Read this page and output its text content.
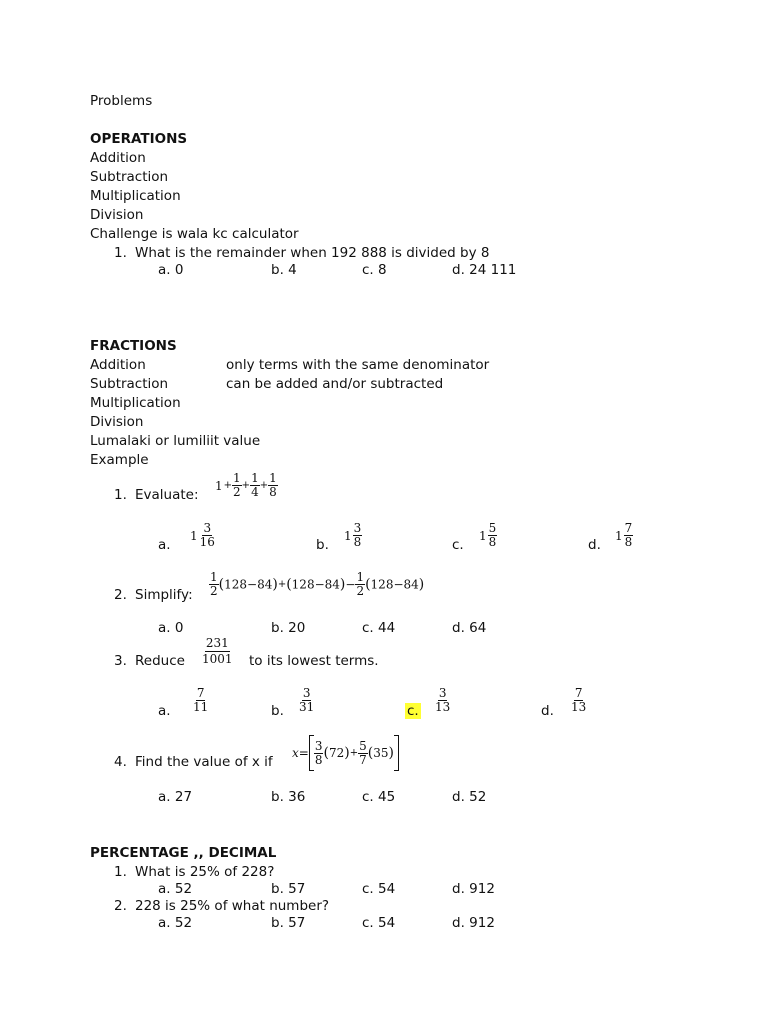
Problems
OPERATIONS
Addition
Subtraction
Multiplication
Division
Challenge is wala kc calculator
1. What is the remainder when 192 888 is divided by 8
a. 0	b. 4	c. 8	d. 24 111
FRACTIONS
Addition	only terms with the same denominator
Subtraction	can be added and/or subtracted
Multiplication
Division
Lumalaki or lumiliit value
Example
1. Evaluate:
$1+ \frac{1}{2} + \frac{1}{4} + \frac{1}{8}$
a.
$1 \frac{3}{16}$	b.
$1 \frac{3}{8}$	c.
$1 \frac{5}{8}$	d.
$1 \frac{7}{8}$
2. Simplify: $\frac{1}{2} (128-84)+(128-84)- \frac{1}{2} (128-84)$
a. 0	b. 20	c. 44	d. 64
3. Reduce $\frac{231}{1001}$ to its lowest terms.
a. $\frac{7}{11}$	b. $\frac{3}{31}$	c. $\frac{3}{13}$	d. $\frac{7}{13}$
4. Find the value of x if
$x= \frac{3}{8} (72)+ \frac{5}{7} (35)$
a. 27	b. 36	c. 45	d. 52
PERCENTAGE ,, DECIMAL
1. What is 25% of 228?
a. 52	b. 57	c. 54	d. 912
2. 228 is 25% of what number?
a. 52	b. 57	c. 54	d. 912
